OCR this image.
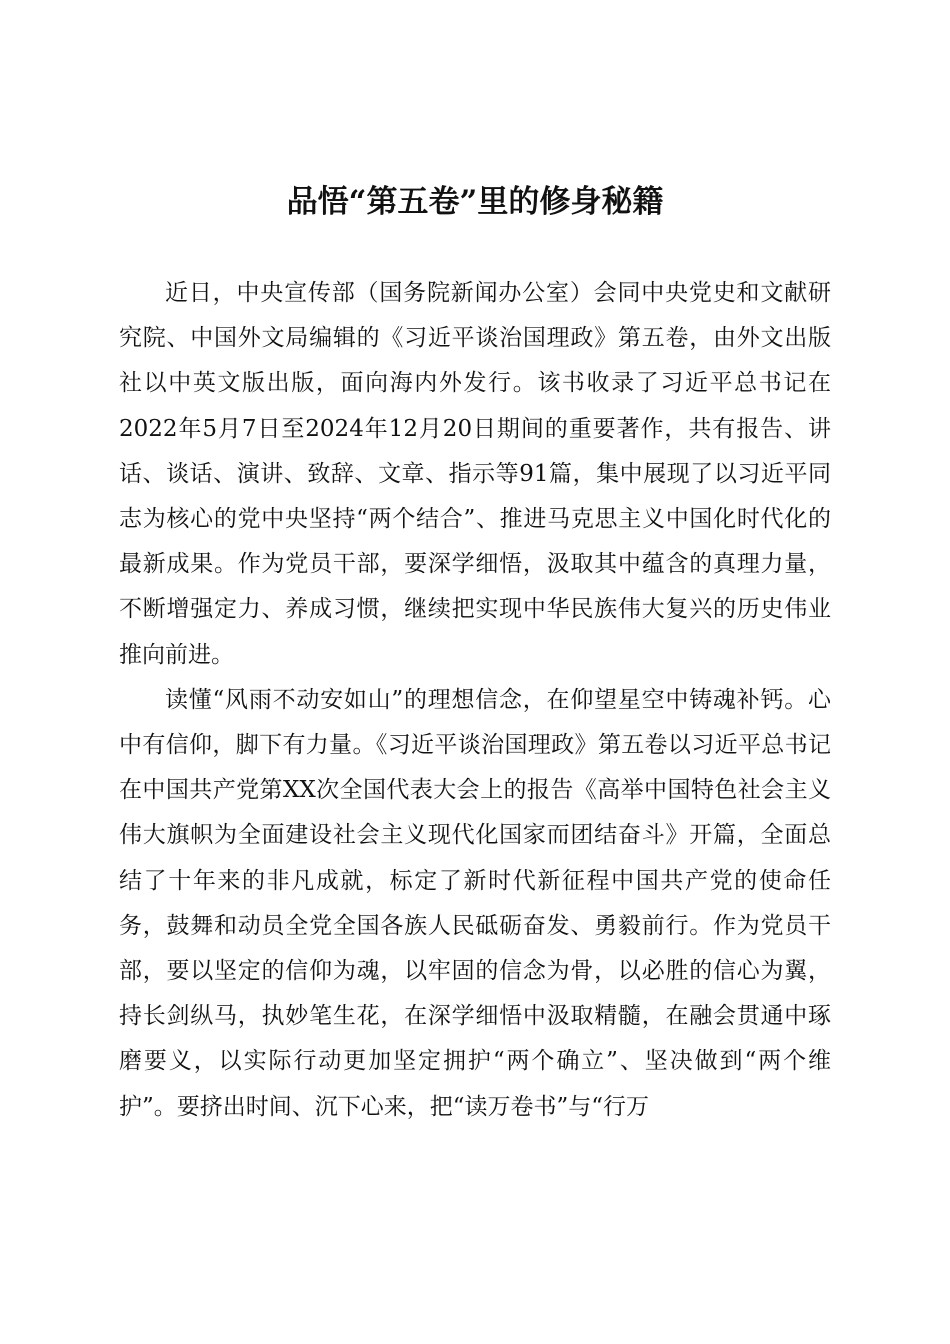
品悟“第五卷”里的修身秘籍

近日，中央宣传部（国务院新闻办公室）会同中央党史和文献研究院、中国外文局编辑的《习近平谈治国理政》第五卷，由外文出版社以中英文版出版，面向海内外发行。该书收录了习近平总书记在2022年5月7日至2024年12月20日期间的重要著作，共有报告、讲话、谈话、演讲、致辞、文章、指示等91篇，集中展现了以习近平同志为核心的党中央坚持“两个结合”、推进马克思主义中国化时代化的最新成果。作为党员干部，要深学细悟，汲取其中蕴含的真理力量，不断增强定力、养成习惯，继续把实现中华民族伟大复兴的历史伟业推向前进。

读懂“风雨不动安如山”的理想信念，在仰望星空中铸魂补钙。心中有信仰，脚下有力量。《习近平谈治国理政》第五卷以习近平总书记在中国共产党第XX次全国代表大会上的报告《高举中国特色社会主义伟大旗帜为全面建设社会主义现代化国家而团结奋斗》开篇，全面总结了十年来的非凡成就，标定了新时代新征程中国共产党的使命任务，鼓舞和动员全党全国各族人民砥砺奋发、勇毅前行。作为党员干部，要以坚定的信仰为魂，以牢固的信念为骨，以必胜的信心为翼，持长剑纵马，执妙笔生花，在深学细悟中汲取精髓，在融会贯通中琢磨要义，以实际行动更加坚定拥护“两个确立”、坚决做到“两个维护”。要挤出时间、沉下心来，把“读万卷书”与“行万
